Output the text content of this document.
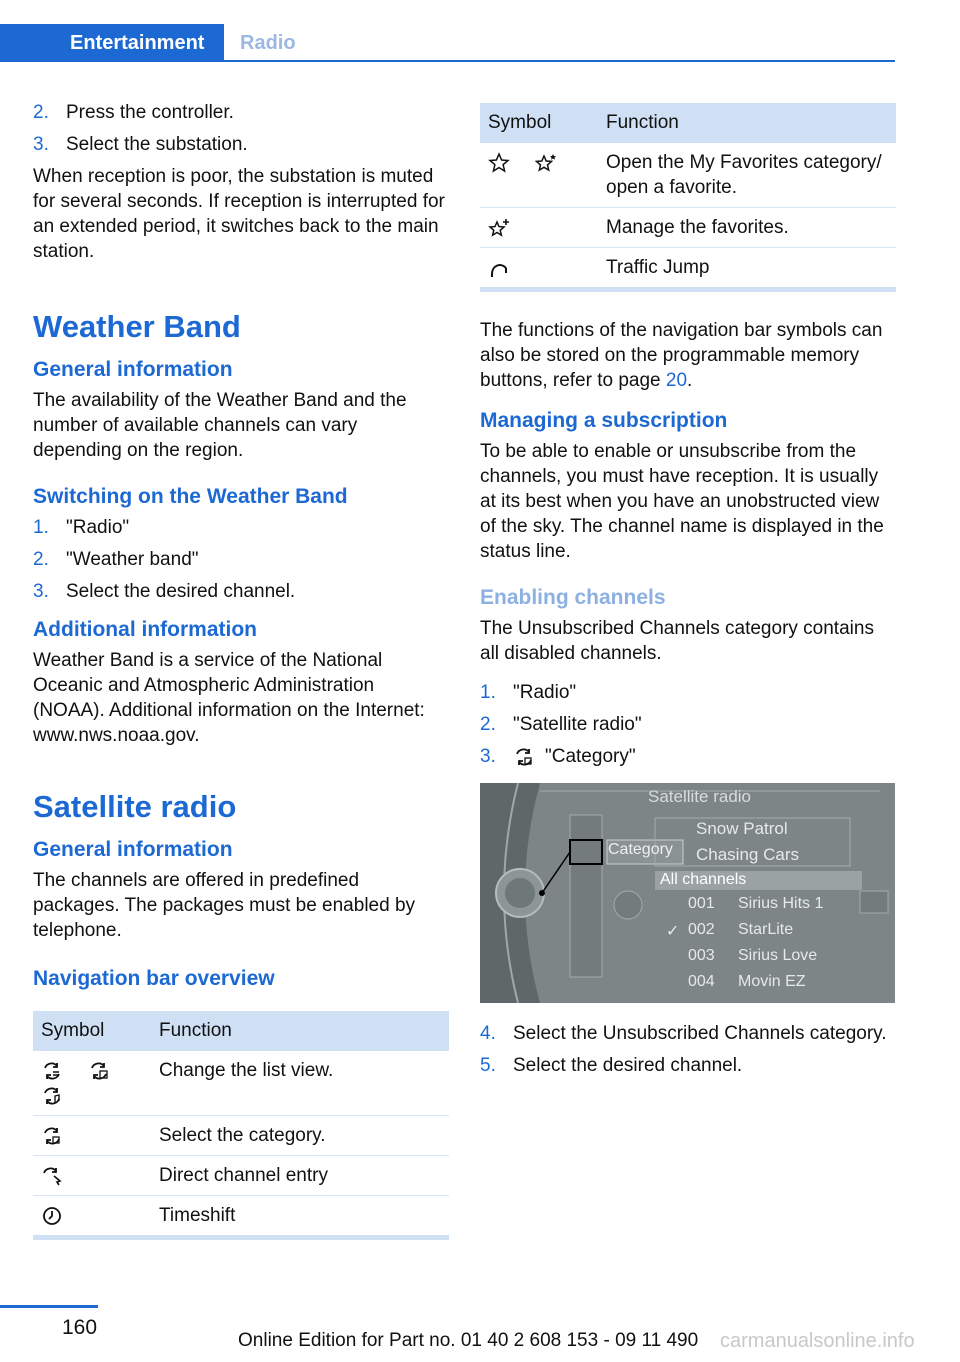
Entertainment	Radio
2. Press the controller.
3. Select the substation.

When reception is poor, the substation is muted for several seconds. If reception is interrupted for an extended period, it switches back to the main station.

Weather Band
General information

The availability of the Weather Band and the number of available channels can vary depending on the region.

Switching on the Weather Band
1. "Radio"
2. "Weather band"
3. Select the desired channel.
Additional information

Weather Band is a service of the National Oceanic and Atmospheric Administration (NOAA). Additional information on the Internet: www.nws.noaa.gov.

Satellite radio
General information

The channels are offered in predefined packages. The packages must be enabled by telephone.

Navigation bar overview
Symbol	Function
	Change the list view.
	Select the category.
	Direct channel entry
	Timeshift
Symbol	Function
	Open the My Favorites category/ open a favorite.
	Manage the favorites.
	Traffic Jump

The functions of the navigation bar symbols can also be stored on the programmable memory buttons, refer to page 20.

Managing a subscription

To be able to enable or unsubscribe from the channels, you must have reception. It is usually at its best when you have an unobstructed view of the sky. The channel name is displayed in the status line.

Enabling channels

The Unsubscribed Channels category contains all disabled channels.

1. "Radio"
2. "Satellite radio"
3.	"Category"
Satellite radio
Snow Patrol
Chasing Cars
Category
All channels
001 Sirius Hits 1
✓ 002 StarLite
003 Sirius Love
004 Movin EZ
4. Select the Unsubscribed Channels category.
5. Select the desired channel.
160
Online Edition for Part no. 01 40 2 608 153 - 09 11 490 carmanualsonline.info
